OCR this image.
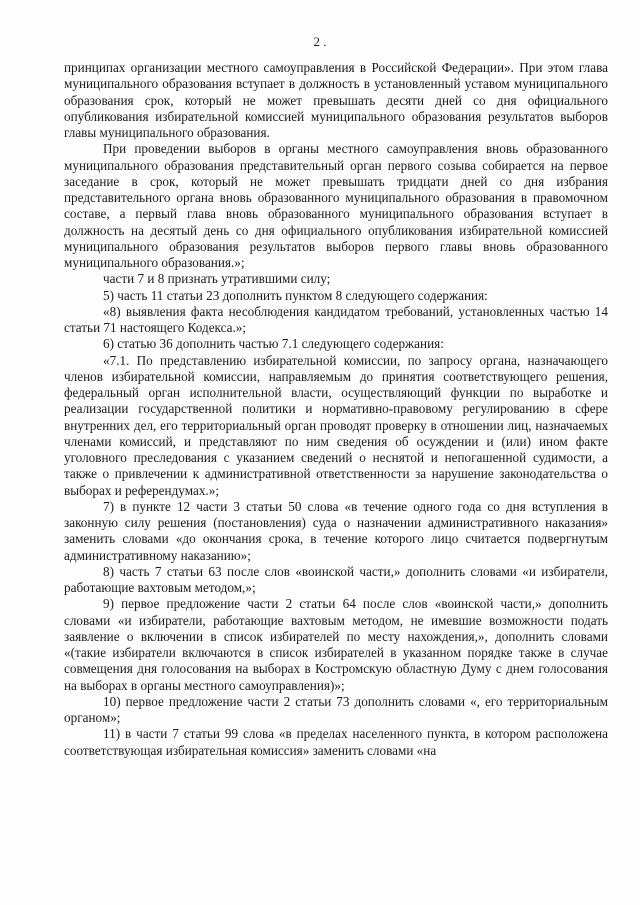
2 .

принципах организации местного самоуправления в Российской Федерации». При этом глава муниципального образования вступает в должность в установленный уставом муниципального образования срок, который не может превышать десяти дней со дня официального опубликования избирательной комиссией муниципального образования результатов выборов главы муниципального образования.

При проведении выборов в органы местного самоуправления вновь образованного муниципального образования представительный орган первого созыва собирается на первое заседание в срок, который не может превышать тридцати дней со дня избрания представительного органа вновь образованного муниципального образования в правомочном составе, а первый глава вновь образованного муниципального образования вступает в должность на десятый день со дня официального опубликования избирательной комиссией муниципального образования результатов выборов первого главы вновь образованного муниципального образования.»;

части 7 и 8 признать утратившими силу;

5) часть 11 статьи 23 дополнить пунктом 8 следующего содержания:

«8) выявления факта несоблюдения кандидатом требований, установленных частью 14 статьи 71 настоящего Кодекса.»;

6) статью 36 дополнить частью 7.1 следующего содержания:

«7.1. По представлению избирательной комиссии, по запросу органа, назначающего членов избирательной комиссии, направляемым до принятия соответствующего решения, федеральный орган исполнительной власти, осуществляющий функции по выработке и реализации государственной политики и нормативно-правовому регулированию в сфере внутренних дел, его территориальный орган проводят проверку в отношении лиц, назначаемых членами комиссий, и представляют по ним сведения об осуждении и (или) ином факте уголовного преследования с указанием сведений о неснятой и непогашенной судимости, а также о привлечении к административной ответственности за нарушение законодательства о выборах и референдумах.»;

7) в пункте 12 части 3 статьи 50 слова «в течение одного года со дня вступления в законную силу решения (постановления) суда о назначении административного наказания» заменить словами «до окончания срока, в течение которого лицо считается подвергнутым административному наказанию»;

8) часть 7 статьи 63 после слов «воинской части,» дополнить словами «и избиратели, работающие вахтовым методом,»;

9) первое предложение части 2 статьи 64 после слов «воинской части,» дополнить словами «и избиратели, работающие вахтовым методом, не имевшие возможности подать заявление о включении в список избирателей по месту нахождения,», дополнить словами «(такие избиратели включаются в список избирателей в указанном порядке также в случае совмещения дня голосования на выборах в Костромскую областную Думу с днем голосования на выборах в органы местного самоуправления)»;

10) первое предложение части 2 статьи 73 дополнить словами «, его территориальным органом»;

11) в части 7 статьи 99 слова «в пределах населенного пункта, в котором расположена соответствующая избирательная комиссия» заменить словами «на
